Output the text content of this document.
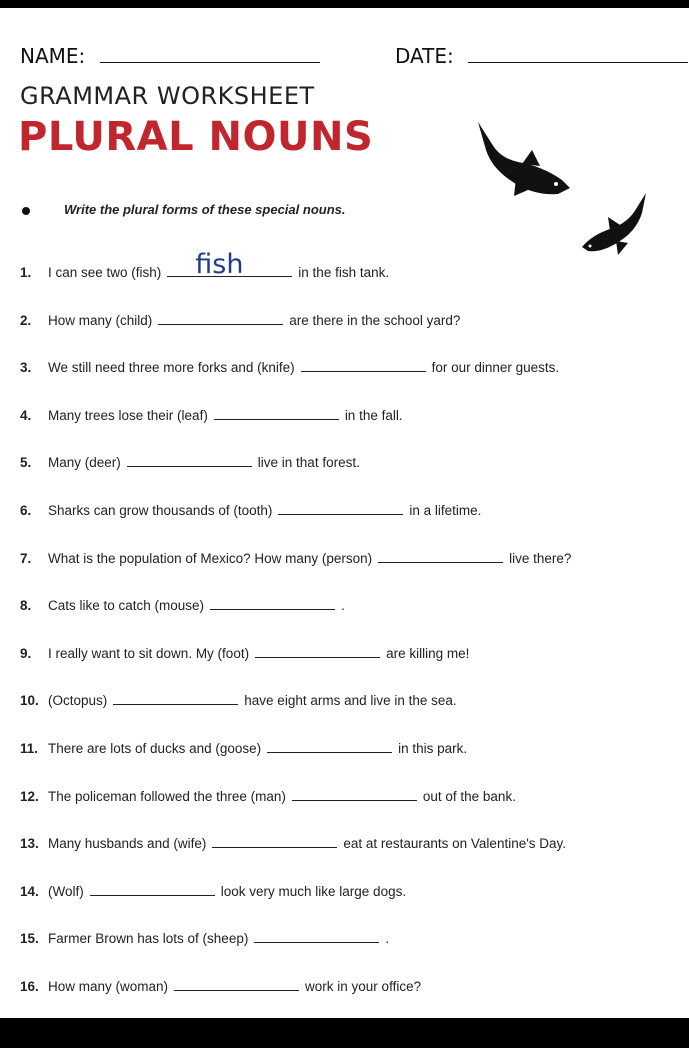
NAME:	DATE:
GRAMMAR WORKSHEET
PLURAL NOUNS
Write the plural forms of these special nouns.
1. I can see two (fish) fish	in the fish tank.
2. How many (child)	are there in the school yard?
3. We still need three more forks and (knife)	for our dinner guests.
4. Many trees lose their (leaf)	in the fall.
5. Many (deer)	live in that forest.
6. Sharks can grow thousands of (tooth)	in a lifetime.
7. What is the population of Mexico? How many (person)	live there?
8. Cats like to catch (mouse)	.
9. I really want to sit down. My (foot)	are killing me!
10. (Octopus)	have eight arms and live in the sea.
11. There are lots of ducks and (goose)	in this park.
12. The policeman followed the three (man)	out of the bank.
13. Many husbands and (wife)	eat at restaurants on Valentine's Day.
14. (Wolf)	look very much like large dogs.
15. Farmer Brown has lots of (sheep)	.
16. How many (woman)	work in your office?
